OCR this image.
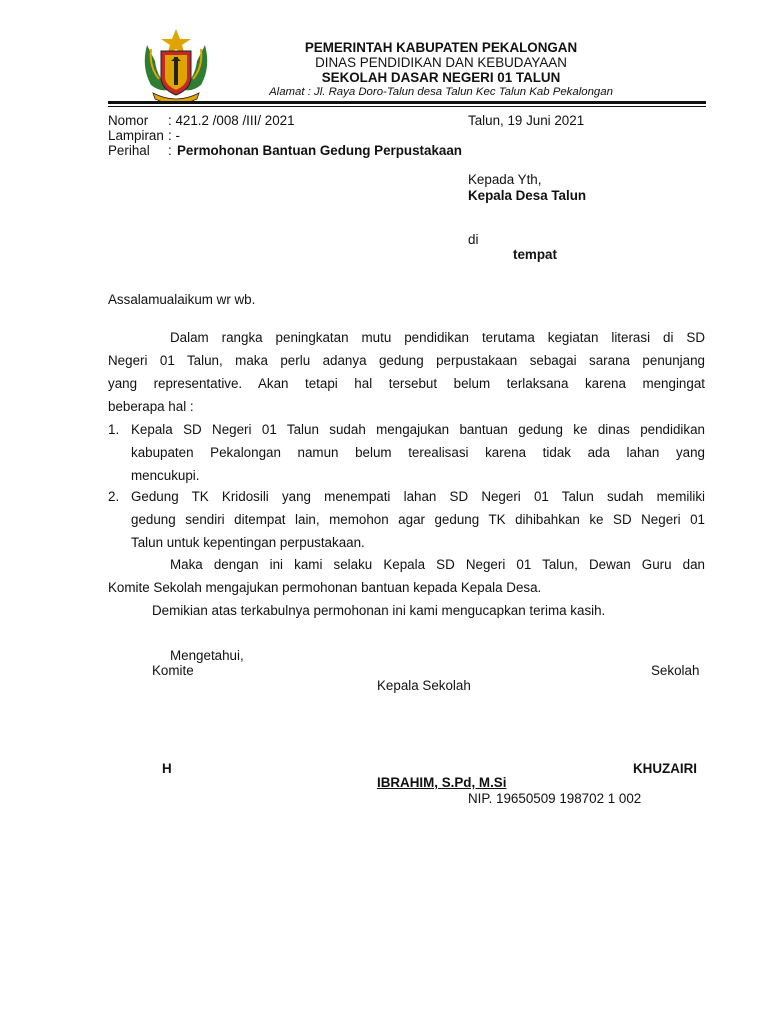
PEMERINTAH KABUPATEN PEKALONGAN
DINAS PENDIDIKAN DAN KEBUDAYAAN
SEKOLAH DASAR NEGERI 01 TALUN
Alamat : Jl. Raya Doro-Talun desa Talun Kec Talun Kab Pekalongan
Nomor : 421.2 /008 /III/ 2021	Talun, 19 Juni 2021
Lampiran : -
Perihal : Permohonan Bantuan Gedung Perpustakaan
Kepada Yth,
Kepala Desa Talun
di
tempat
Assalamualaikum wr wb.
Dalam rangka peningkatan mutu pendidikan terutama kegiatan literasi di SD
Negeri 01 Talun, maka perlu adanya gedung perpustakaan sebagai sarana penunjang
yang representative. Akan tetapi hal tersebut belum terlaksana karena mengingat
beberapa hal :
1. Kepala SD Negeri 01 Talun sudah mengajukan bantuan gedung ke dinas pendidikan
kabupaten Pekalongan namun belum terealisasi karena tidak ada lahan yang
mencukupi.
2. Gedung TK Kridosili yang menempati lahan SD Negeri 01 Talun sudah memiliki
gedung sendiri ditempat lain, memohon agar gedung TK dihibahkan ke SD Negeri 01
Talun untuk kepentingan perpustakaan.
Maka dengan ini kami selaku Kepala SD Negeri 01 Talun, Dewan Guru dan
Komite Sekolah mengajukan permohonan bantuan kepada Kepala Desa.
Demikian atas terkabulnya permohonan ini kami mengucapkan terima kasih.
Mengetahui,
Komite	Sekolah
Kepala Sekolah
H	KHUZAIRI
IBRAHIM, S.Pd, M.Si
NIP. 19650509 198702 1 002
